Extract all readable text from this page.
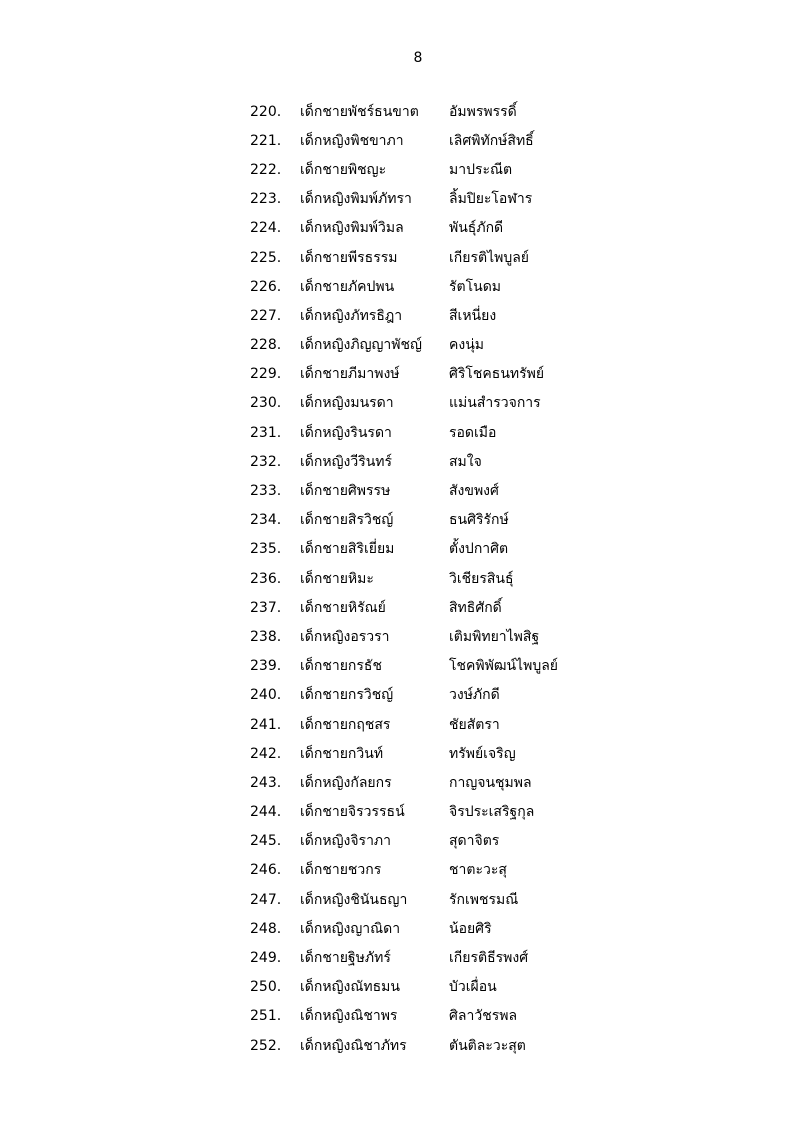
8
220.	เด็กชายพัชร์ธนขาต	อัมพรพรรดิ์
221.	เด็กหญิงพิชขาภา	เลิศพิทักษ์สิทธิ์
222.	เด็กชายพิชญะ	มาประณีต
223.	เด็กหญิงพิมพ์ภัทรา	ลิ้มปิยะโอฬาร
224.	เด็กหญิงพิมพ์วิมล	พันธุ์ภักดี
225.	เด็กชายพีรธรรม	เกียรติไพบูลย์
226.	เด็กชายภัคปพน	รัตโนดม
227.	เด็กหญิงภัทรธิฎา	สีเหนี่ยง
228.	เด็กหญิงภิญญาพัชญ์	คงนุ่ม
229.	เด็กชายภีมาพงษ์	ศิริโชคธนทรัพย์
230.	เด็กหญิงมนรดา	แม่นสำรวจการ
231.	เด็กหญิงรินรดา	รอดเมือ
232.	เด็กหญิงวีรินทร์	สมใจ
233.	เด็กชายศิพรรษ	สังขพงศ์
234.	เด็กชายสิรวิชญ์	ธนศิริรักษ์
235.	เด็กชายสิริเยี่ยม	ตั้งปกาศิต
236.	เด็กชายหิมะ	วิเชียรสินธุ์
237.	เด็กชายหิรัณย์	สิทธิศักดิ์
238.	เด็กหญิงอรวรา	เติมพิทยาไพสิฐ
239.	เด็กชายกรธัช	โชคพิพัฒน์ไพบูลย์
240.	เด็กชายกรวิชญ์	วงษ์ภักดี
241.	เด็กชายกฤชสร	ชัยสัตรา
242.	เด็กชายกวินท์	ทรัพย์เจริญ
243.	เด็กหญิงกัลยกร	กาญจนชุมพล
244.	เด็กชายจิรวรรธน์	จิรประเสริฐกุล
245.	เด็กหญิงจิราภา	สุดาจิตร
246.	เด็กชายชวกร	ชาตะวะสุ
247.	เด็กหญิงชินันธญา	รักเพชรมณี
248.	เด็กหญิงญาณิดา	น้อยศิริ
249.	เด็กชายฐิษภัทร์	เกียรติธีรพงศ์
250.	เด็กหญิงณัทธมน	บัวเผื่อน
251.	เด็กหญิงณิชาพร	ศิลาวัชรพล
252.	เด็กหญิงณิชาภัทร	ตันติละวะสุต
